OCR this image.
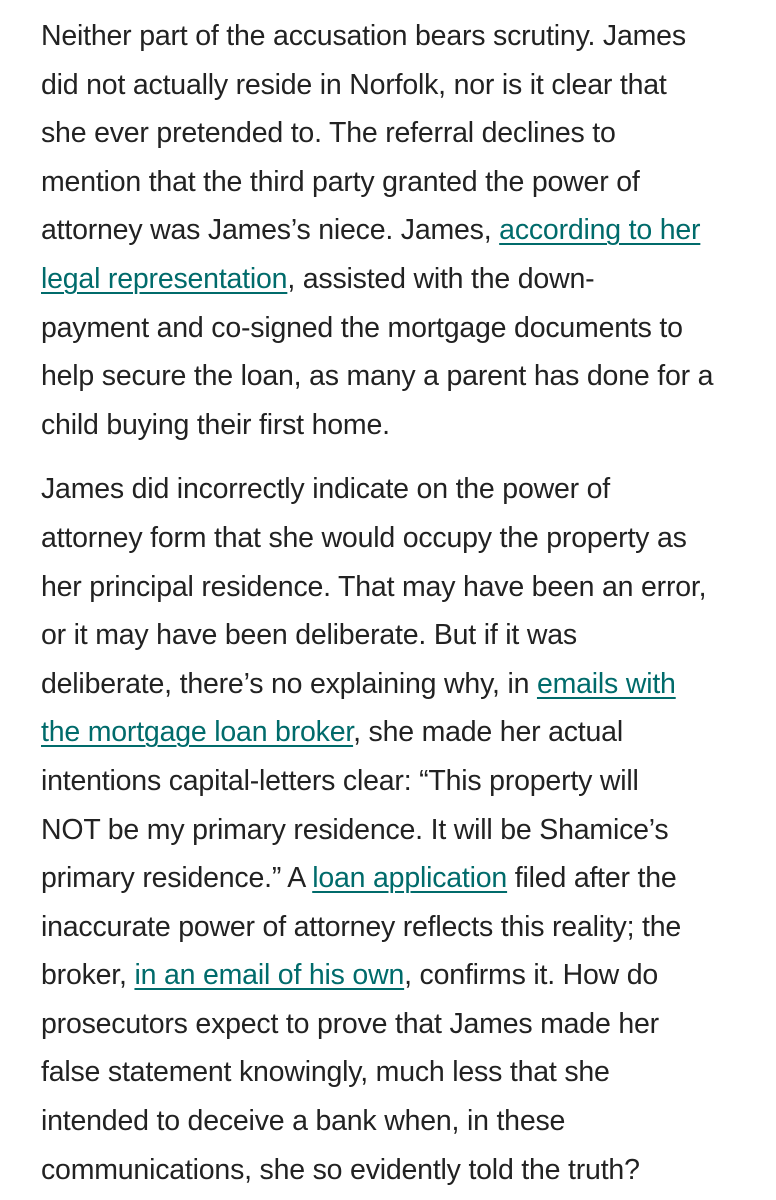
Neither part of the accusation bears scrutiny. James
did not actually reside in Norfolk, nor is it clear that
she ever pretended to. The referral declines to
mention that the third party granted the power of
attorney was James’s niece. James, according to her
legal representation, assisted with the down-
payment and co-signed the mortgage documents to
help secure the loan, as many a parent has done for a
child buying their first home.

James did incorrectly indicate on the power of
attorney form that she would occupy the property as
her principal residence. That may have been an error,
or it may have been deliberate. But if it was
deliberate, there’s no explaining why, in emails with
the mortgage loan broker, she made her actual
intentions capital-letters clear: “This property will
NOT be my primary residence. It will be Shamice’s
primary residence.” A loan application filed after the
inaccurate power of attorney reflects this reality; the
broker, in an email of his own, confirms it. How do
prosecutors expect to prove that James made her
false statement knowingly, much less that she
intended to deceive a bank when, in these
communications, she so evidently told the truth?
